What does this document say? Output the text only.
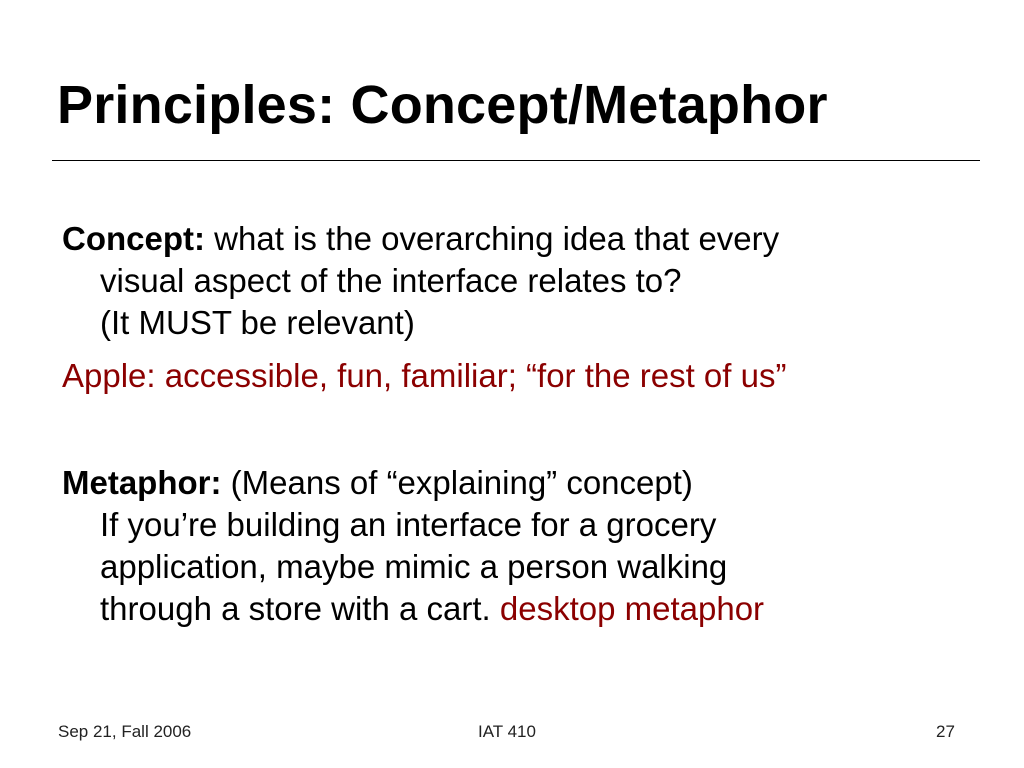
Principles: Concept/Metaphor

Concept: what is the overarching idea that every
visual aspect of the interface relates to?
(It MUST be relevant)

Apple: accessible, fun, familiar; “for the rest of us”

Metaphor: (Means of “explaining” concept)
If you’re building an interface for a grocery
application, maybe mimic a person walking
through a store with a cart. desktop metaphor

Sep 21, Fall 2006	IAT 410	27
